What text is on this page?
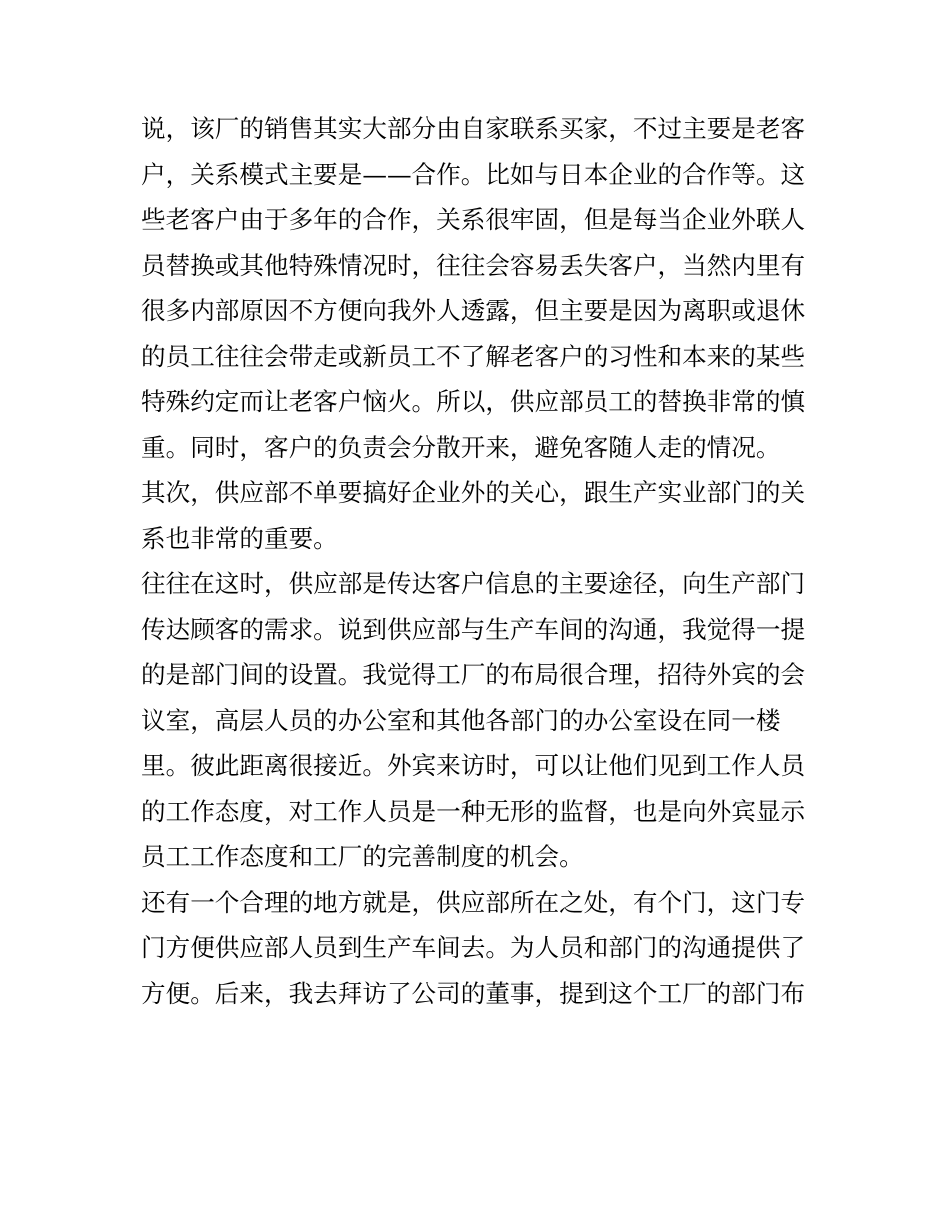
说，该厂的销售其实大部分由自家联系买家，不过主要是老客
户，关系模式主要是——合作。比如与日本企业的合作等。这
些老客户由于多年的合作，关系很牢固，但是每当企业外联人
员替换或其他特殊情况时，往往会容易丢失客户，当然内里有
很多内部原因不方便向我外人透露，但主要是因为离职或退休
的员工往往会带走或新员工不了解老客户的习性和本来的某些
特殊约定而让老客户恼火。所以，供应部员工的替换非常的慎
重。同时，客户的负责会分散开来，避免客随人走的情况。
其次，供应部不单要搞好企业外的关心，跟生产实业部门的关
系也非常的重要。
往往在这时，供应部是传达客户信息的主要途径，向生产部门
传达顾客的需求。说到供应部与生产车间的沟通，我觉得一提
的是部门间的设置。我觉得工厂的布局很合理，招待外宾的会
议室，高层人员的办公室和其他各部门的办公室设在同一楼
里。彼此距离很接近。外宾来访时，可以让他们见到工作人员
的工作态度，对工作人员是一种无形的监督，也是向外宾显示
员工工作态度和工厂的完善制度的机会。
还有一个合理的地方就是，供应部所在之处，有个门，这门专
门方便供应部人员到生产车间去。为人员和部门的沟通提供了
方便。后来，我去拜访了公司的董事，提到这个工厂的部门布
